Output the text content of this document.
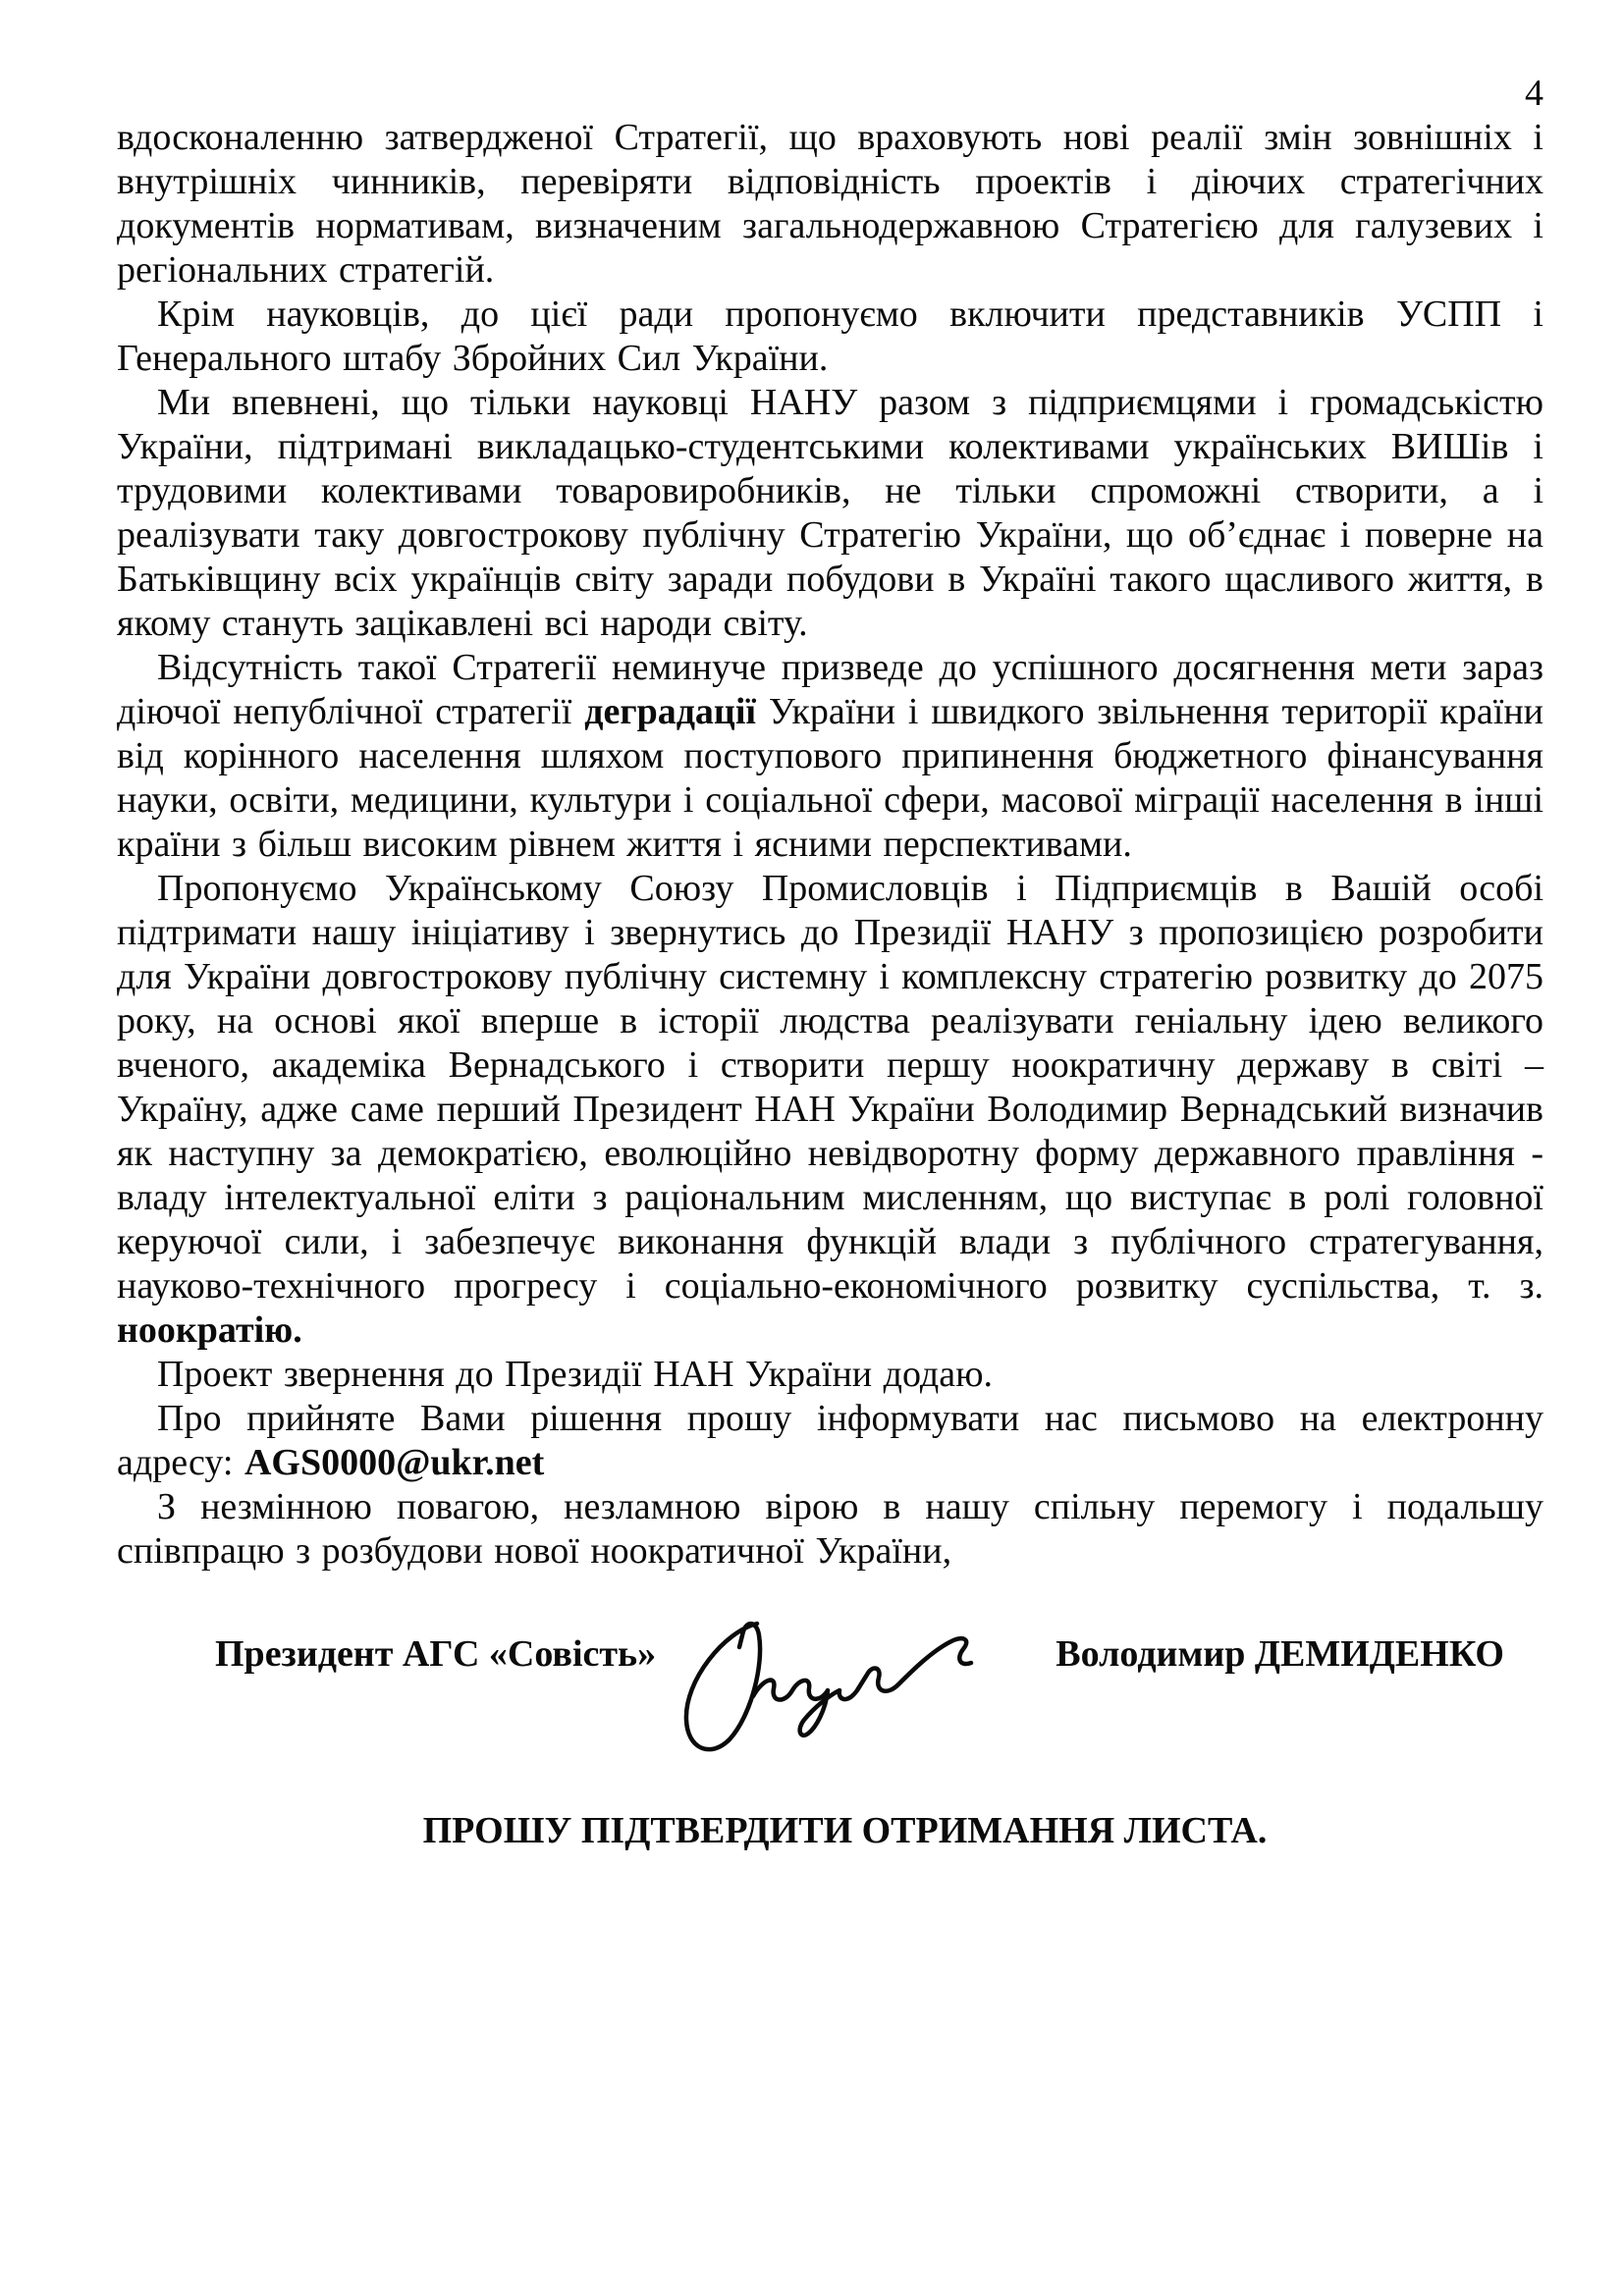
4

вдосконаленню затвердженої Стратегії, що враховують нові реалії змін зовнішніх і внутрішніх чинників, перевіряти відповідність проектів і діючих стратегічних документів нормативам, визначеним загальнодержавною Стратегією для галузевих і регіональних стратегій.

Крім науковців, до цієї ради пропонуємо включити представників УСПП і Генерального штабу Збройних Сил України.

Ми впевнені, що тільки науковці НАНУ разом з підприємцями і громадськістю України, підтримані викладацько-студентськими колективами українських ВИШів і трудовими колективами товаровиробників, не тільки спроможні створити, а і реалізувати таку довгострокову публічну Стратегію України, що об’єднає і поверне на Батьківщину всіх українців світу заради побудови в Україні такого щасливого життя, в якому стануть зацікавлені всі народи світу.

Відсутність такої Стратегії неминуче призведе до успішного досягнення мети зараз діючої непублічної стратегії деградації України і швидкого звільнення території країни від корінного населення шляхом поступового припинення бюджетного фінансування науки, освіти, медицини, культури і соціальної сфери, масової міграції населення в інші країни з більш високим рівнем життя і ясними перспективами.

Пропонуємо Українському Союзу Промисловців і Підприємців в Вашій особі підтримати нашу ініціативу і звернутись до Президії НАНУ з пропозицією розробити для України довгострокову публічну системну і комплексну стратегію розвитку до 2075 року, на основі якої вперше в історії людства реалізувати геніальну ідею великого вченого, академіка Вернадського і створити першу ноократичну державу в світі – Україну, адже саме перший Президент НАН України Володимир Вернадський визначив як наступну за демократією, еволюційно невідворотну форму державного правління - владу інтелектуальної еліти з раціональним мисленням, що виступає в ролі головної керуючої сили, і забезпечує виконання функцій влади з публічного стратегування, науково-технічного прогресу і соціально-економічного розвитку суспільства, т. з. ноократію.

Проект звернення до Президії НАН України додаю.

Про прийняте Вами рішення прошу інформувати нас письмово на електронну адресу: AGS0000@ukr.net

З незмінною повагою, незламною вірою в нашу спільну перемогу і подальшу співпрацю з розбудови нової ноократичної України,

Президент АГС «Совість»	Володимир ДЕМИДЕНКО

ПРОШУ ПІДТВЕРДИТИ ОТРИМАННЯ ЛИСТА.
